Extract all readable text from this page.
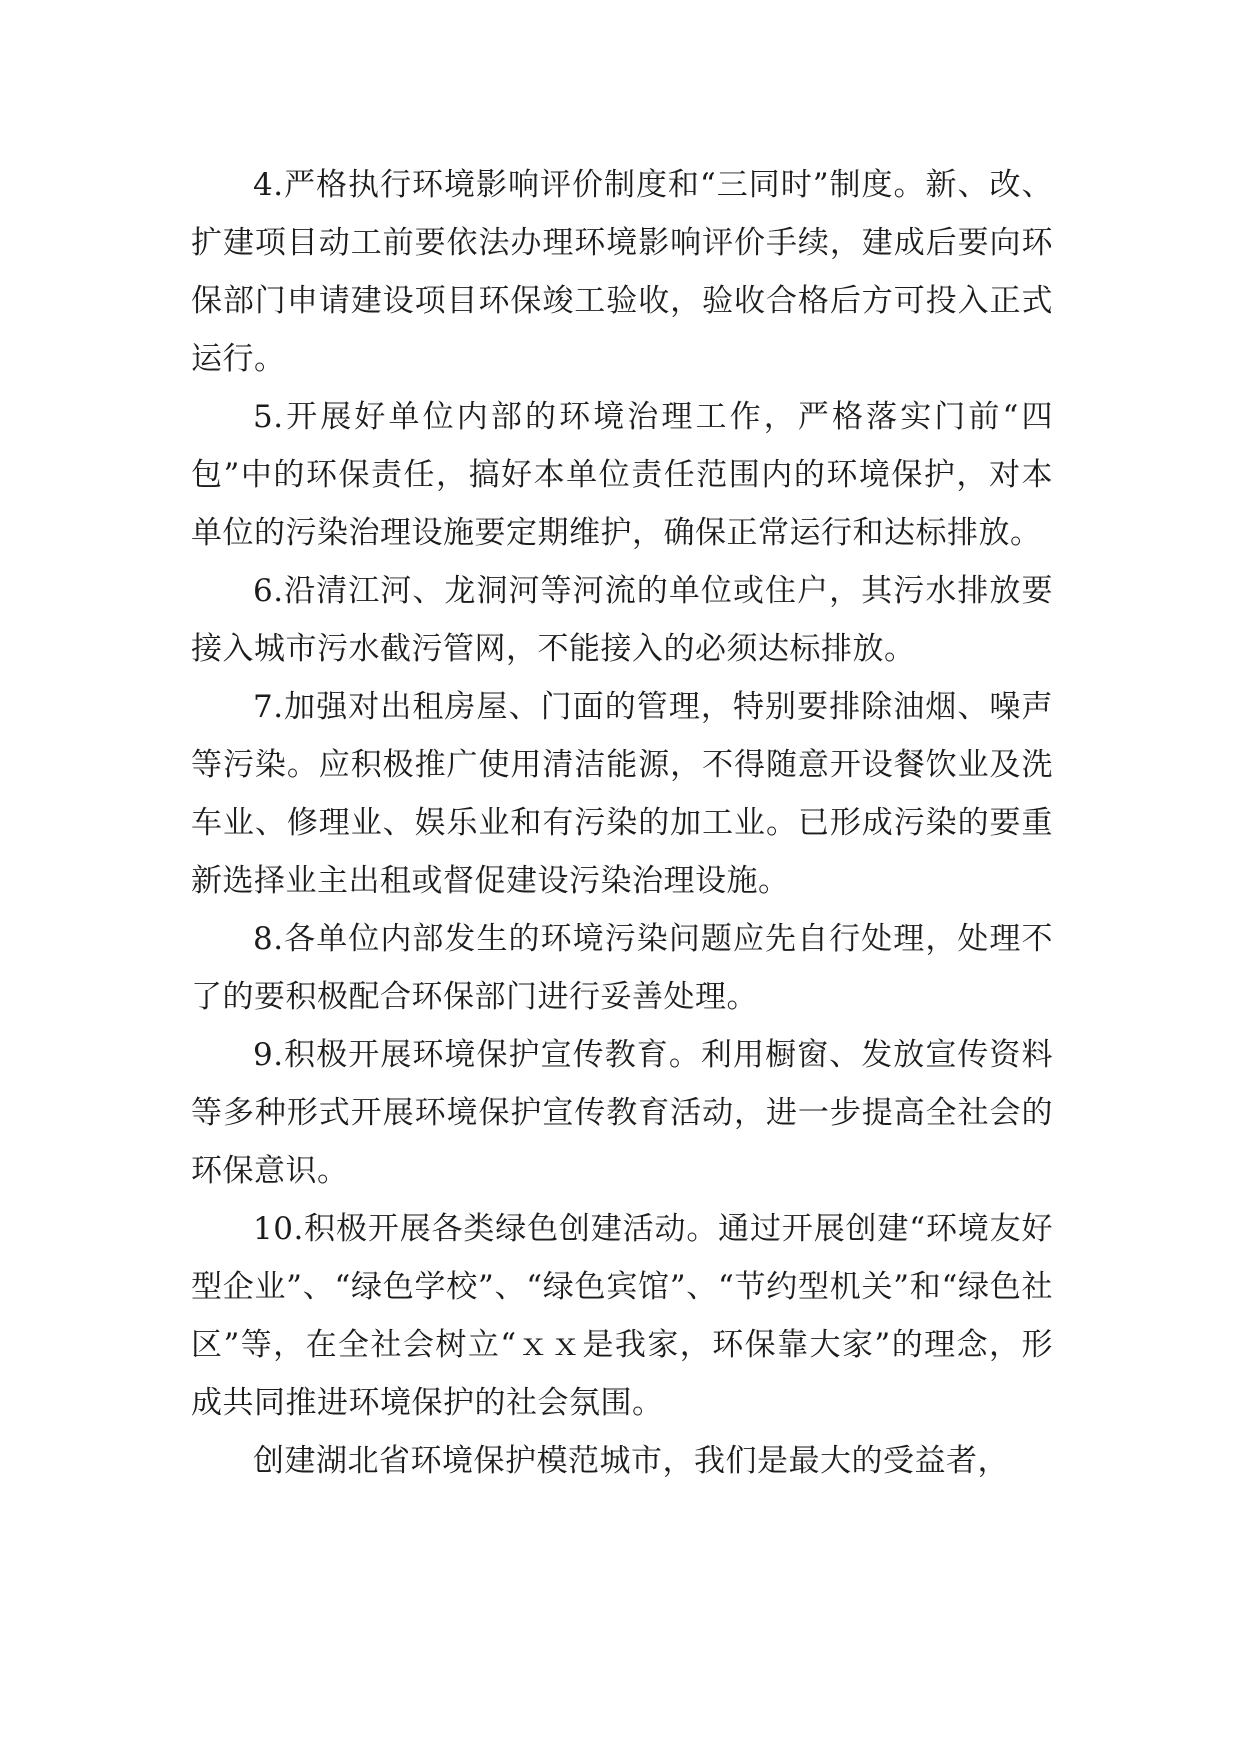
4.严格执行环境影响评价制度和“三同时”制度。新、改、扩建项目动工前要依法办理环境影响评价手续，建成后要向环保部门申请建设项目环保竣工验收，验收合格后方可投入正式运行。

5.开展好单位内部的环境治理工作，严格落实门前“四包”中的环保责任，搞好本单位责任范围内的环境保护，对本单位的污染治理设施要定期维护，确保正常运行和达标排放。

6.沿清江河、龙洞河等河流的单位或住户，其污水排放要接入城市污水截污管网，不能接入的必须达标排放。

7.加强对出租房屋、门面的管理，特别要排除油烟、噪声等污染。应积极推广使用清洁能源，不得随意开设餐饮业及洗车业、修理业、娱乐业和有污染的加工业。已形成污染的要重新选择业主出租或督促建设污染治理设施。

8.各单位内部发生的环境污染问题应先自行处理，处理不了的要积极配合环保部门进行妥善处理。

9.积极开展环境保护宣传教育。利用橱窗、发放宣传资料等多种形式开展环境保护宣传教育活动，进一步提高全社会的环保意识。

10.积极开展各类绿色创建活动。通过开展创建“环境友好型企业”、“绿色学校”、“绿色宾馆”、“节约型机关”和“绿色社区”等，在全社会树立“ｘｘ是我家，环保靠大家”的理念，形成共同推进环境保护的社会氛围。

创建湖北省环境保护模范城市，我们是最大的受益者，
